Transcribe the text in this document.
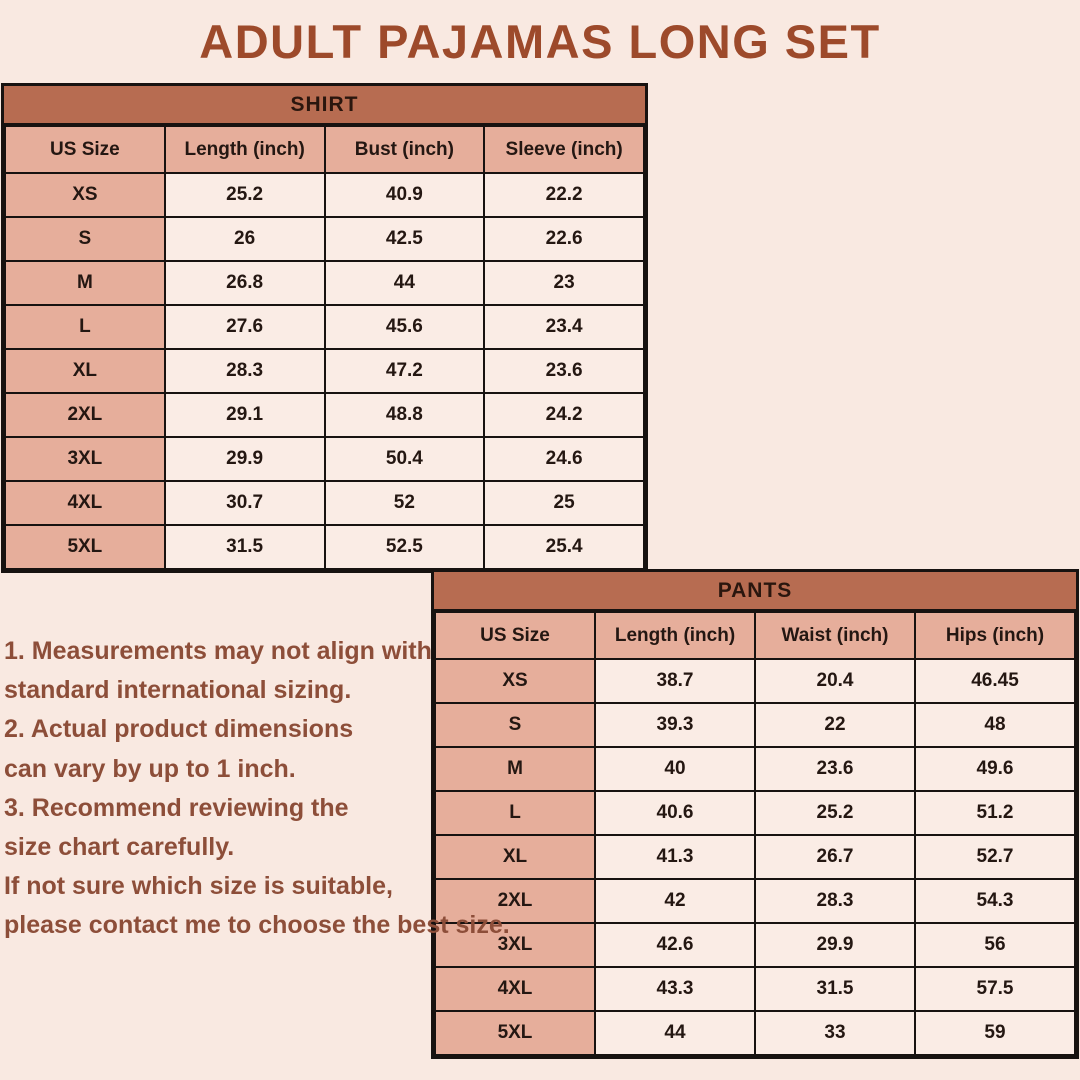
ADULT PAJAMAS LONG SET
SHIRT
US Size	Length (inch)	Bust (inch)	Sleeve (inch)
XS	25.2	40.9	22.2
S	26	42.5	22.6
M	26.8	44	23
L	27.6	45.6	23.4
XL	28.3	47.2	23.6
2XL	29.1	48.8	24.2
3XL	29.9	50.4	24.6
4XL	30.7	52	25
5XL	31.5	52.5	25.4
PANTS
US Size	Length (inch)	Waist (inch)	Hips (inch)
XS	38.7	20.4	46.45
S	39.3	22	48
M	40	23.6	49.6
L	40.6	25.2	51.2
XL	41.3	26.7	52.7
2XL	42	28.3	54.3
3XL	42.6	29.9	56
4XL	43.3	31.5	57.5
5XL	44	33	59
1. Measurements may not align with
standard international sizing.
2. Actual product dimensions
can vary by up to 1 inch.
3. Recommend reviewing the
size chart carefully.
If not sure which size is suitable,
please contact me to choose the best size.
